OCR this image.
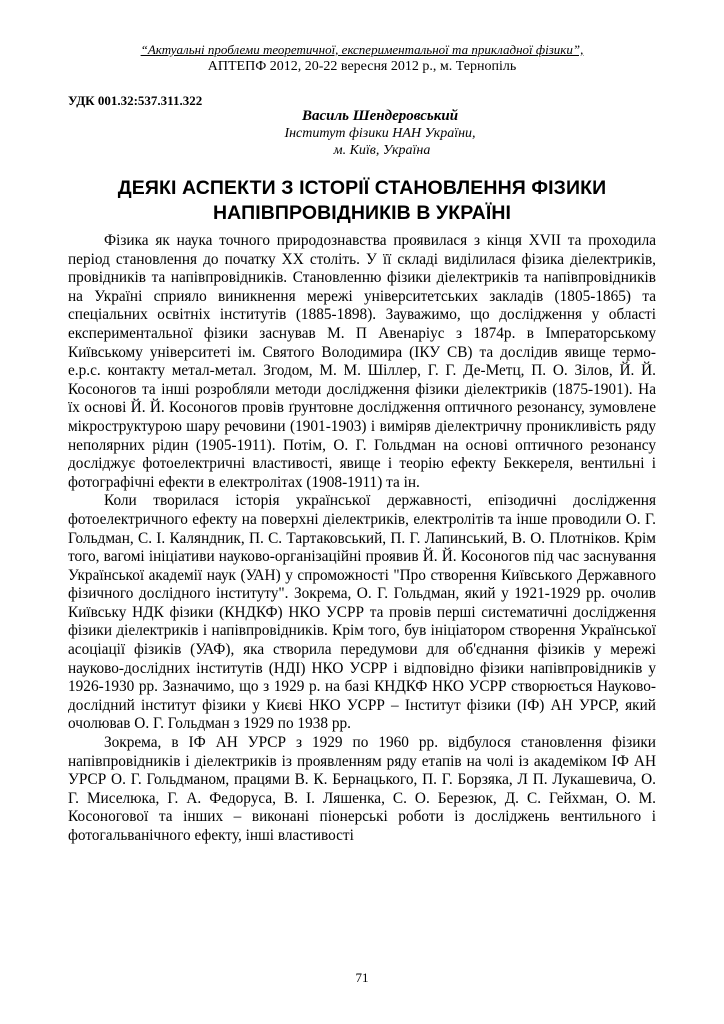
“Актуальні проблеми теоретичної, експериментальної та прикладної фізики”,
АПТЕПФ 2012, 20-22 вересня 2012 р., м. Тернопіль
УДК 001.32:537.311.322
Василь Шендеровський
Інститут фізики НАН України,
м. Київ, Україна
ДЕЯКІ АСПЕКТИ З ІСТОРІЇ СТАНОВЛЕННЯ ФІЗИКИ НАПІВПРОВІДНИКІВ В УКРАЇНІ

Фізика як наука точного природознавства проявилася з кінця XVII та проходила період становлення до початку XX століть. У її складі виділилася фізика діелектриків, провідників та напівпровідників. Становленню фізики діелектриків та напівпровідників на Україні сприяло виникнення мережі університетських закладів (1805-1865) та спеціальних освітніх інститутів (1885-1898). Зауважимо, що дослідження у області експериментальної фізики заснував М. П Авенаріус з 1874р. в Імператорському Київському університеті ім. Святого Володимира (ІКУ СВ) та дослідив явище термо-е.р.с. контакту метал-метал. Згодом, М. М. Шіллер, Г. Г. Де-Метц, П. О. Зілов, Й. Й. Косоногов та інші розробляли методи дослідження фізики діелектриків (1875-1901). На їх основі Й. Й. Косоногов провів ґрунтовне дослідження оптичного резонансу, зумовлене мікроструктурою шару речовини (1901-1903) і виміряв діелектричну проникливість ряду неполярних рідин (1905-1911). Потім, О. Г. Гольдман на основі оптичного резонансу досліджує фотоелектричні властивості, явище і теорію ефекту Беккереля, вентильні і фотографічні ефекти в електролітах (1908-1911) та ін.

Коли творилася історія української державності, епізодичні дослідження фотоелектричного ефекту на поверхні діелектриків, електролітів та інше проводили О. Г. Гольдман, С. І. Каляндник, П. С. Тартаковський, П. Г. Лапинський, В. О. Плотніков. Крім того, вагомі ініціативи науково-організаційні проявив Й. Й. Косоногов під час заснування Української академії наук (УАН) у спроможності "Про створення Київського Державного фізичного дослідного інституту". Зокрема, О. Г. Гольдман, який у 1921-1929 рр. очолив Київську НДК фізики (КНДКФ) НКО УСРР та провів перші систематичні дослідження фізики діелектриків і напівпровідників. Крім того, був ініціатором створення Української асоціації фізиків (УАФ), яка створила передумови для об'єднання фізиків у мережі науково-дослідних інститутів (НДІ) НКО УСРР і відповідно фізики напівпровідників у 1926-1930 рр. Зазначимо, що з 1929 р. на базі КНДКФ НКО УСРР створюється Науково-дослідний інститут фізики у Києві НКО УСРР – Інститут фізики (ІФ) АН УРСР, який очолював О. Г. Гольдман з 1929 по 1938 рр.

Зокрема, в ІФ АН УРСР з 1929 по 1960 рр. відбулося становлення фізики напівпровідників і діелектриків із проявленням ряду етапів на чолі із академіком ІФ АН УРСР О. Г. Гольдманом, працями В. К. Бернацького, П. Г. Борзяка, Л П. Лукашевича, О. Г. Миселюка, Г. А. Федоруса, В. І. Ляшенка, С. О. Березюк, Д. С. Гейхман, О. М. Косоногової та інших – виконані піонерські роботи із досліджень вентильного і фотогальванічного ефекту, інші властивості

71
